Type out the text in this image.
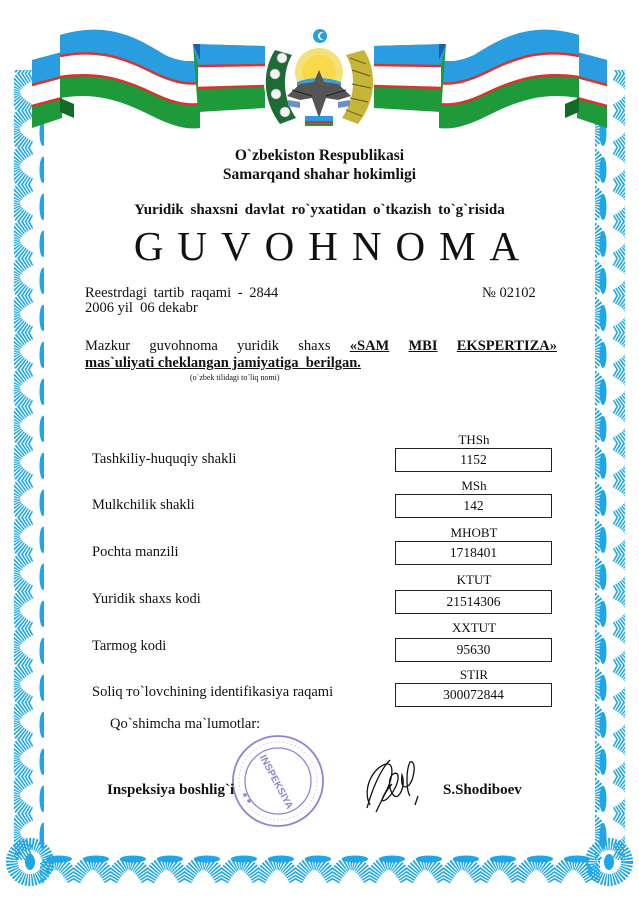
INSPEKSIYA
O`zbekiston Respublikasi
Samarqand shahar hokimligi
Yuridik shaxsni davlat ro`yxatidan o`tkazish to`g`risida
GUVOHNOMA
Reestrdagi tartib raqami - 2844
2006 yil  06 dekabr
№ 02102
Mazkur guvohnoma yuridik shaxs «SAM MBI EKSPERTIZA»
mas`uliyati cheklangan jamiyatiga  berilgan.
(o`zbek tilidagi to`liq nomi)
Tashkiliy-huquqiy shakli
THSh
1152
Mulkchilik shakli
MSh
142
Pochta manzili
MHOBT
1718401
Yuridik shaxs kodi
KTUT
21514306
Tarmog kodi
XXTUT
95630
Soliq тo`lovchining identifikasiya raqami
STIR
300072844
Qo`shimcha ma`lumotlar:
Inspeksiya boshlig`i	S.Shodiboev
